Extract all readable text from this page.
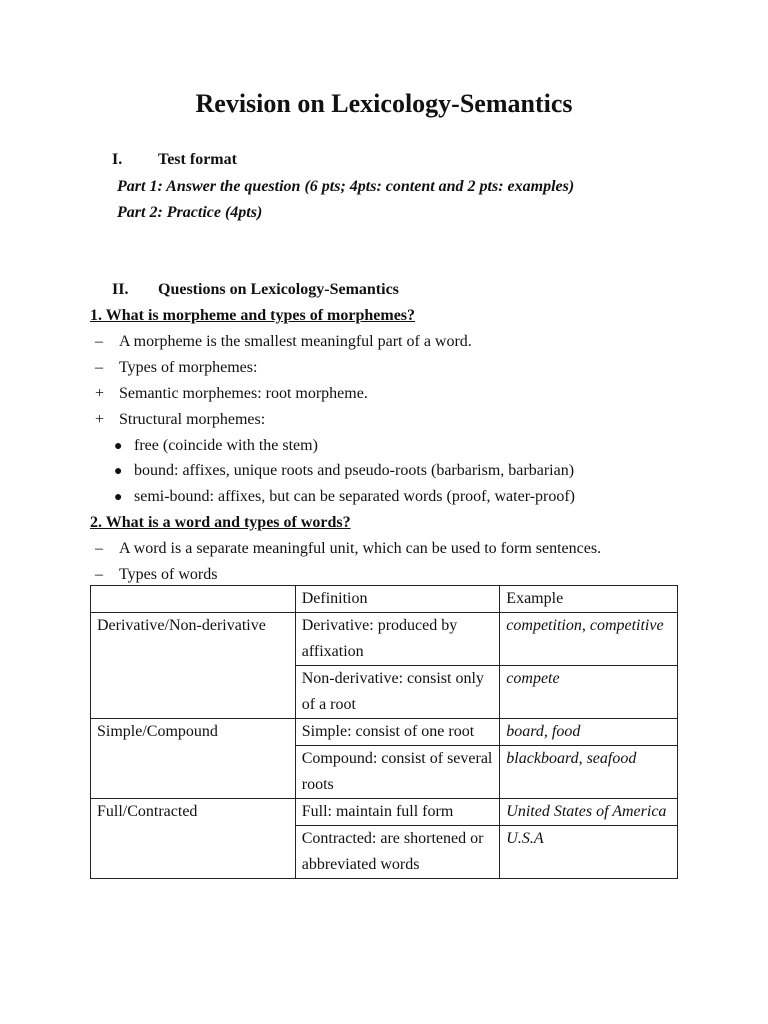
Revision on Lexicology-Semantics
I. Test format
Part 1: Answer the question (6 pts; 4pts: content and 2 pts: examples)
Part 2: Practice (4pts)
II. Questions on Lexicology-Semantics
1. What is morpheme and types of morphemes?
– A morpheme is the smallest meaningful part of a word.
– Types of morphemes:
+ Semantic morphemes: root morpheme.
+ Structural morphemes:
● free (coincide with the stem)
● bound: affixes, unique roots and pseudo-roots (barbarism, barbarian)
● semi-bound: affixes, but can be separated words (proof, water-proof)
2. What is a word and types of words?
– A word is a separate meaningful unit, which can be used to form sentences.
– Types of words
	Definition	Example
Derivative/Non-derivative	Derivative: produced by affixation	competition, competitive
	Non-derivative: consist only of a root	compete
Simple/Compound	Simple: consist of one root	board, food
	Compound: consist of several roots	blackboard, seafood
Full/Contracted	Full: maintain full form	United States of America
	Contracted: are shortened or abbreviated words	U.S.A
